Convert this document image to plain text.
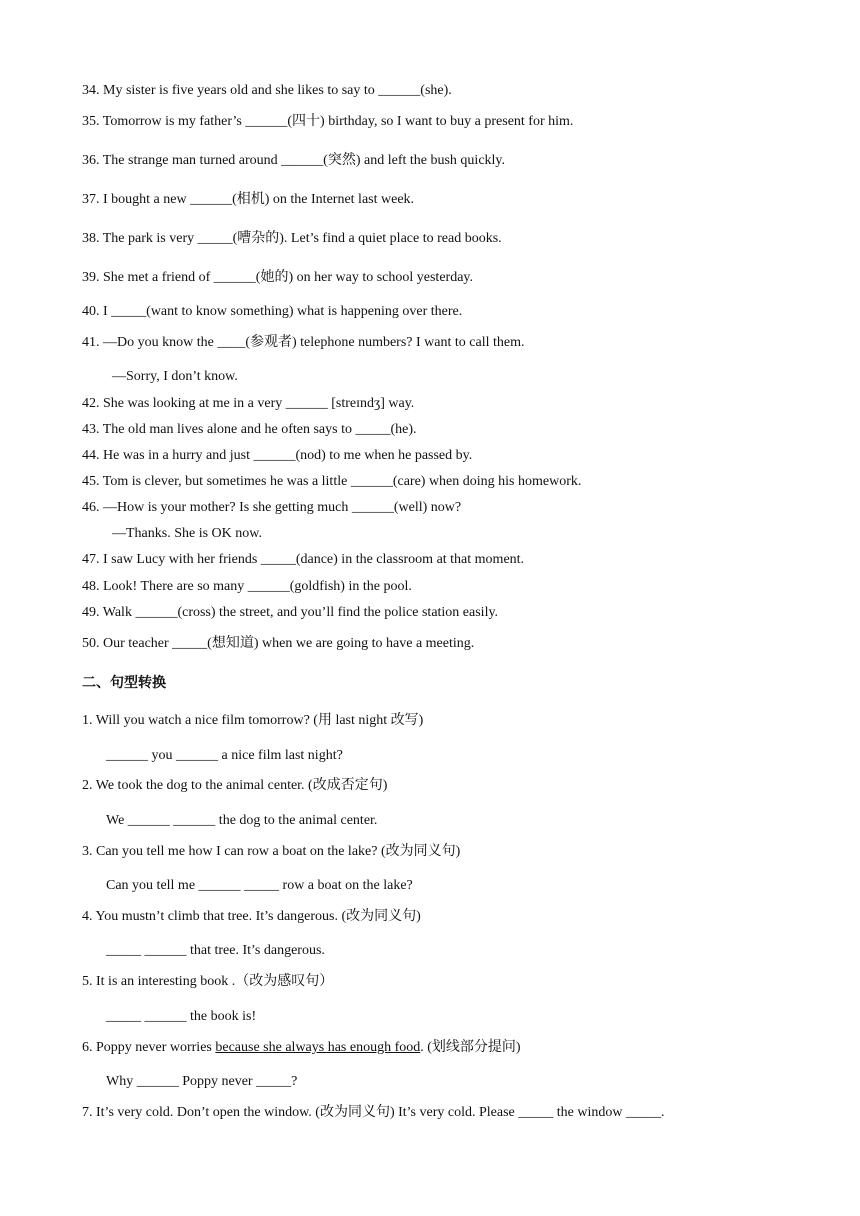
34. My sister is five years old and she likes to say to ______(she).
35. Tomorrow is my father’s ______(四十) birthday, so I want to buy a present for him.
36. The strange man turned around ______(突然) and left the bush quickly.
37. I bought a new ______(相机) on the Internet last week.
38. The park is very _____(嘈杂的). Let’s find a quiet place to read books.
39. She met a friend of ______(她的) on her way to school yesterday.
40. I _____(want to know something) what is happening over there.
41. —Do you know the ____(参观者) telephone numbers? I want to call them.
—Sorry, I don’t know.
42. She was looking at me in a very ______ [streɪndʒ] way.
43. The old man lives alone and he often says to _____(he).
44. He was in a hurry and just ______(nod) to me when he passed by.
45. Tom is clever, but sometimes he was a little ______(care) when doing his homework.
46. —How is your mother? Is she getting much ______(well) now?
—Thanks. She is OK now.
47. I saw Lucy with her friends _____(dance) in the classroom at that moment.
48. Look! There are so many ______(goldfish) in the pool.
49. Walk ______(cross) the street, and you’ll find the police station easily.
50. Our teacher _____(想知道) when we are going to have a meeting.
二、句型转换
1. Will you watch a nice film tomorrow? (用 last night 改写)
______ you ______ a nice film last night?
2. We took the dog to the animal center. (改成否定句)
We ______ ______ the dog to the animal center.
3. Can you tell me how I can row a boat on the lake? (改为同义句)
Can you tell me ______ _____ row a boat on the lake?
4. You mustn’t climb that tree. It’s dangerous. (改为同义句)
_____ ______ that tree. It’s dangerous.
5. It is an interesting book .（改为感叹句）
_____ ______ the book is!
6. Poppy never worries because she always has enough food. (划线部分提问)
Why ______ Poppy never _____?
7. It’s very cold. Don’t open the window. (改为同义句) It’s very cold. Please _____ the window _____.
